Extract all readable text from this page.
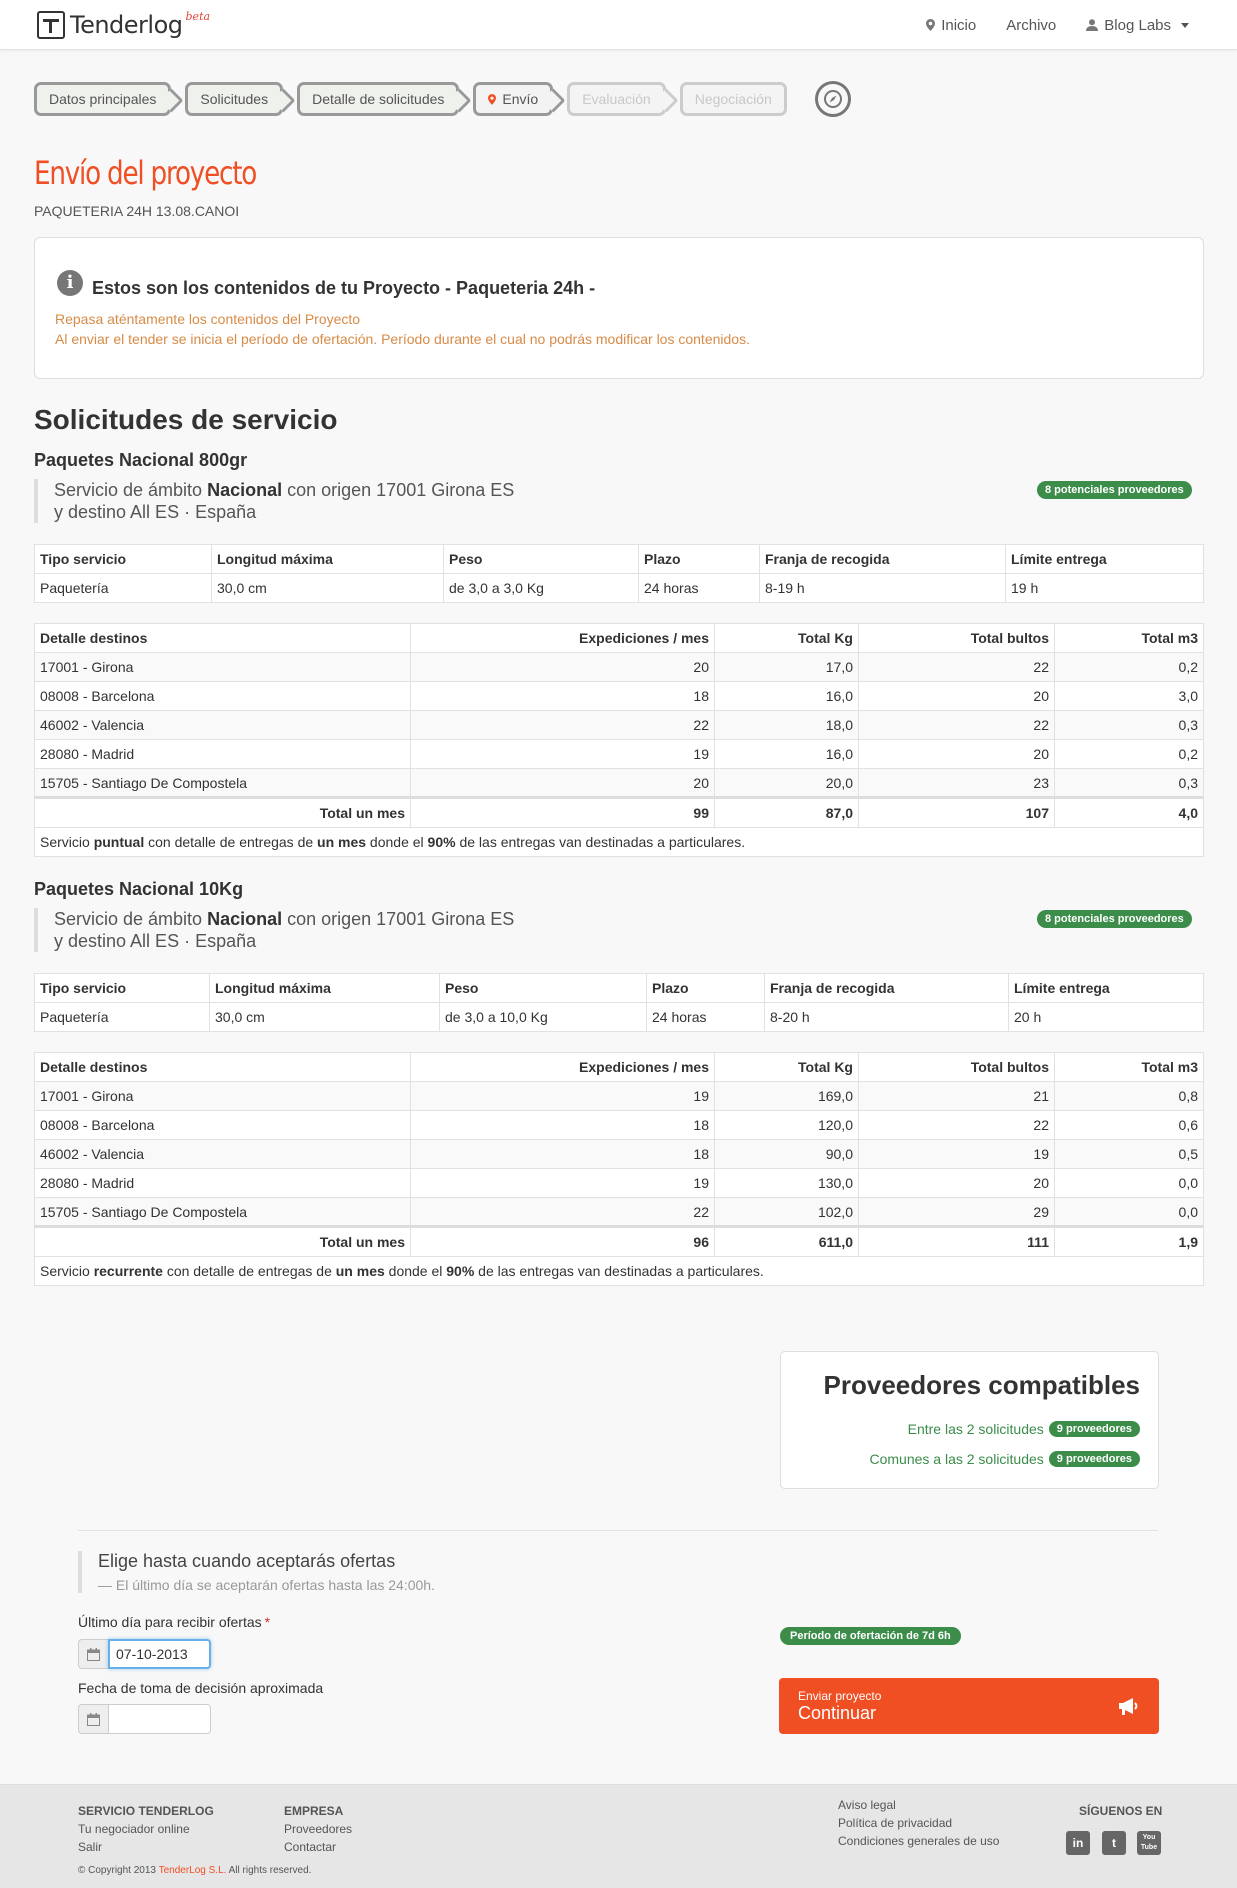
Tenderlog beta
Inicio Archivo	Blog Labs
Datos principales	Solicitudes	Detalle de solicitudes	Envío	Evaluación	Negociación
Envío del proyecto
PAQUETERIA 24H 13.08.CANOI
i	Estos son los contenidos de tu Proyecto - Paqueteria 24h -
Repasa aténtamente los contenidos del Proyecto
Al enviar el tender se inicia el período de ofertación. Período durante el cual no podrás modificar los contenidos.
Solicitudes de servicio
Paquetes Nacional 800gr
Servicio de ámbito Nacional con origen 17001 Girona ES
y destino All ES · España
8 potenciales proveedores
Tipo servicio	Longitud máxima	Peso	Plazo	Franja de recogida	Límite entrega
Paquetería	30,0 cm	de 3,0 a 3,0 Kg	24 horas	8-19 h	19 h
Detalle destinos	Expediciones / mes	Total Kg	Total bultos	Total m3
17001 - Girona	20	17,0	22	0,2
08008 - Barcelona	18	16,0	20	3,0
46002 - Valencia	22	18,0	22	0,3
28080 - Madrid	19	16,0	20	0,2
15705 - Santiago De Compostela	20	20,0	23	0,3
Total un mes	99	87,0	107	4,0
Servicio puntual con detalle de entregas de un mes donde el 90% de las entregas van destinadas a particulares.				
Paquetes Nacional 10Kg
Servicio de ámbito Nacional con origen 17001 Girona ES
y destino All ES · España
8 potenciales proveedores
Tipo servicio	Longitud máxima	Peso	Plazo	Franja de recogida	Límite entrega
Paquetería	30,0 cm	de 3,0 a 10,0 Kg	24 horas	8-20 h	20 h
Detalle destinos	Expediciones / mes	Total Kg	Total bultos	Total m3
17001 - Girona	19	169,0	21	0,8
08008 - Barcelona	18	120,0	22	0,6
46002 - Valencia	18	90,0	19	0,5
28080 - Madrid	19	130,0	20	0,0
15705 - Santiago De Compostela	22	102,0	29	0,0
Total un mes	96	611,0	111	1,9
Servicio recurrente con detalle de entregas de un mes donde el 90% de las entregas van destinadas a particulares.				
Proveedores compatibles
Entre las 2 solicitudes	9 proveedores
Comunes a las 2 solicitudes	9 proveedores
Elige hasta cuando aceptarás ofertas
— El último día se aceptarán ofertas hasta las 24:00h.
Último día para recibir ofertas *
07-10-2013
Fecha de toma de decisión aproximada
Período de ofertación de 7d 6h
Enviar proyecto
Continuar
SERVICIO TENDERLOG
Tu negociador online
Salir
EMPRESA
Proveedores
Contactar
Aviso legal
Política de privacidad
Condiciones generales de uso
SÍGUENOS EN
in	t	You Tube
© Copyright 2013 TenderLog S.L. All rights reserved.
